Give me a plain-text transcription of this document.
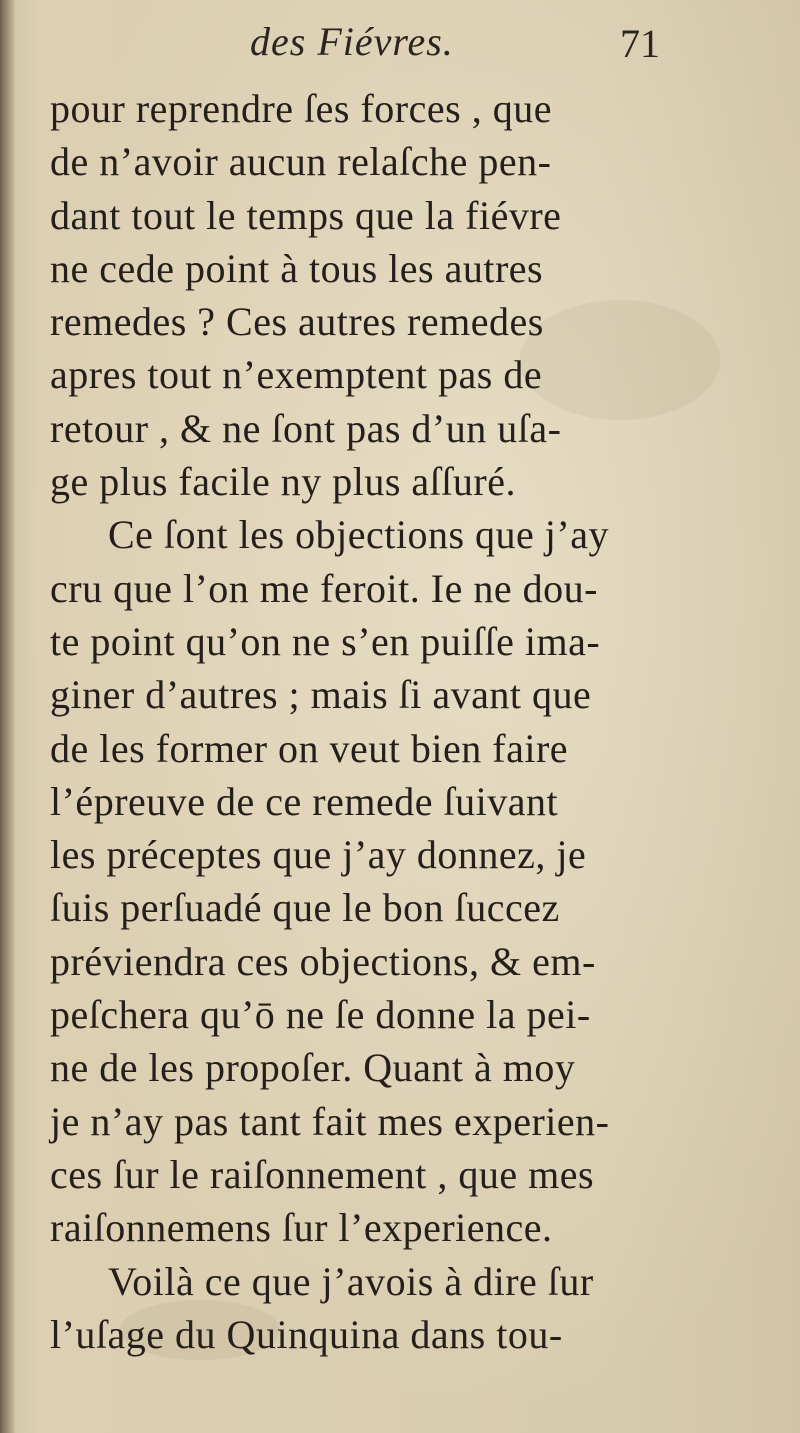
des Fiévres.	71
pour reprendre ſes forces , que
de n’avoir aucun relaſche pen-
dant tout le temps que la fiévre
ne cede point à tous les autres
remedes ? Ces autres remedes
apres tout n’exemptent pas de
retour , & ne ſont pas d’un uſa-
ge plus facile ny plus aſſuré.
Ce ſont les objections que j’ay
cru que l’on me feroit. Ie ne dou-
te point qu’on ne s’en puiſſe ima-
giner d’autres ; mais ſi avant que
de les former on veut bien faire
l’épreuve de ce remede ſuivant
les préceptes que j’ay donnez, je
ſuis perſuadé que le bon ſuccez
préviendra ces objections, & em-
peſchera qu’ō ne ſe donne la pei-
ne de les propoſer. Quant à moy
je n’ay pas tant fait mes experien-
ces ſur le raiſonnement , que mes
raiſonnemens ſur l’experience.
Voilà ce que j’avois à dire ſur
l’uſage du Quinquina dans tou-
